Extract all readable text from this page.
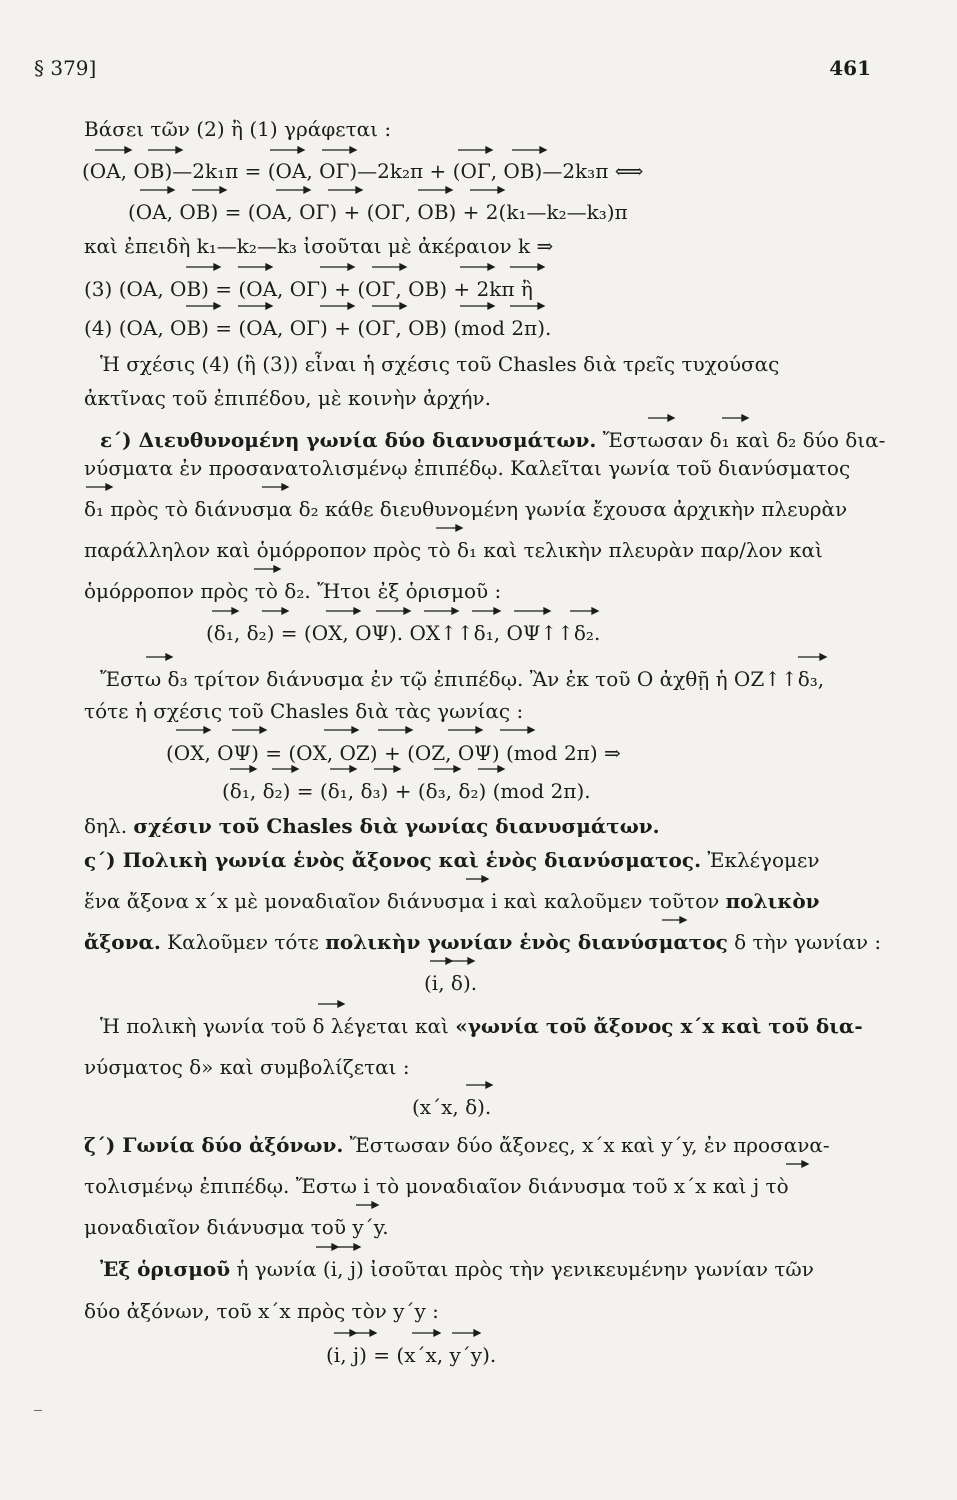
§ 379]	461
Βάσει τῶν (2) ἢ (1) γράφεται :
(ΟΑ, ΟΒ)—2k₁π = (ΟΑ, ΟΓ)—2k₂π + (ΟΓ, ΟΒ)—2k₃π ⟺
(ΟΑ, ΟΒ) = (ΟΑ, ΟΓ) + (ΟΓ, ΟΒ) + 2(k₁—k₂—k₃)π
καὶ ἐπειδὴ k₁—k₂—k₃ ἰσοῦται μὲ ἀκέραιον k ⇒
(3) (ΟΑ, ΟΒ) = (ΟΑ, ΟΓ) + (ΟΓ, ΟΒ) + 2kπ ἢ
(4) (ΟΑ, ΟΒ) = (ΟΑ, ΟΓ) + (ΟΓ, ΟΒ) (mod 2π).
Ἡ σχέσις (4) (ἢ (3)) εἶναι ἡ σχέσις τοῦ Chasles διὰ τρεῖς τυχούσας
ἀκτῖνας τοῦ ἐπιπέδου, μὲ κοινὴν ἀρχήν.
ε΄) Διευθυνομένη γωνία δύο διανυσμάτων. Ἔστωσαν δ₁ καὶ δ₂ δύο δια-
νύσματα ἐν προσανατολισμένῳ ἐπιπέδῳ. Καλεῖται γωνία τοῦ διανύσματος
δ₁ πρὸς τὸ διάνυσμα δ₂ κάθε διευθυνομένη γωνία ἔχουσα ἀρχικὴν πλευρὰν
παράλληλον καὶ ὁμόρροπον πρὸς τὸ δ₁ καὶ τελικὴν πλευρὰν παρ/λον καὶ
ὁμόρροπον πρὸς τὸ δ₂. Ἤτοι ἐξ ὁρισμοῦ :
(δ₁, δ₂) = (ΟΧ, ΟΨ). ΟΧ↑↑δ₁, ΟΨ↑↑δ₂.
Ἔστω δ₃ τρίτον διάνυσμα ἐν τῷ ἐπιπέδῳ. Ἂν ἐκ τοῦ Ο ἀχθῇ ἡ ΟΖ↑↑δ₃,
τότε ἡ σχέσις τοῦ Chasles διὰ τὰς γωνίας :
(ΟΧ, ΟΨ) = (ΟΧ, ΟΖ) + (ΟΖ, ΟΨ) (mod 2π) ⇒
(δ₁, δ₂) = (δ₁, δ₃) + (δ₃, δ₂) (mod 2π).
δηλ. σχέσιν τοῦ Chasles διὰ γωνίας διανυσμάτων.
ς΄) Πολικὴ γωνία ἑνὸς ἄξονος καὶ ἑνὸς διανύσματος. Ἐκλέγομεν
ἕνα ἄξονα x΄x μὲ μοναδιαῖον διάνυσμα i καὶ καλοῦμεν τοῦτον πολικὸν
ἄξονα. Καλοῦμεν τότε πολικὴν γωνίαν ἑνὸς διανύσματος δ τὴν γωνίαν :
(i, δ).
Ἡ πολικὴ γωνία τοῦ δ λέγεται καὶ «γωνία τοῦ ἄξονος x΄x καὶ τοῦ δια-
νύσματος δ» καὶ συμβολίζεται :
(x΄x, δ).
ζ΄) Γωνία δύο ἀξόνων. Ἔστωσαν δύο ἄξονες, x΄x καὶ y΄y, ἐν προσανα-
τολισμένῳ ἐπιπέδῳ. Ἔστω i τὸ μοναδιαῖον διάνυσμα τοῦ x΄x καὶ j τὸ
μοναδιαῖον διάνυσμα τοῦ y΄y.
Ἐξ ὁρισμοῦ ἡ γωνία (i, j) ἰσοῦται πρὸς τὴν γενικευμένην γωνίαν τῶν
δύο ἀξόνων, τοῦ x΄x πρὸς τὸν y΄y :
(i, j) = (x΄x, y΄y).
